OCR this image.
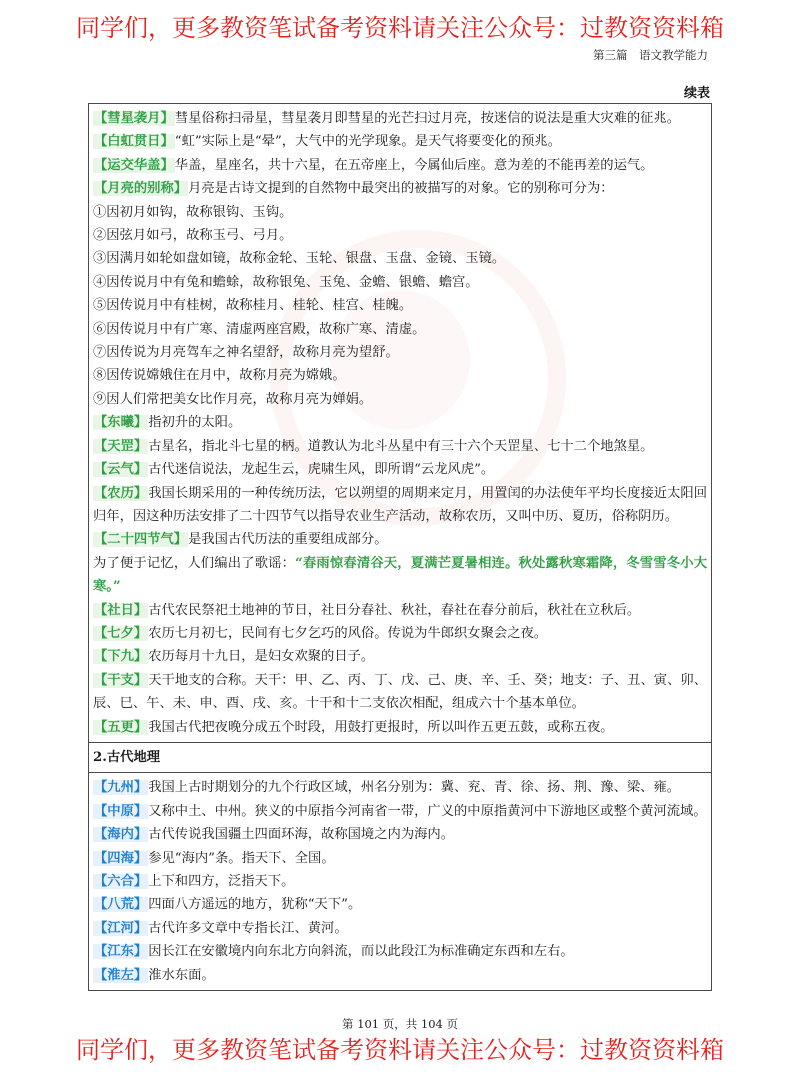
同学们，更多教资笔试备考资料请关注公众号：过教资资料箱
第三篇　语文教学能力
续表

【彗星袭月】彗星俗称扫帚星，彗星袭月即彗星的光芒扫过月亮，按迷信的说法是重大灾难的征兆。

【白虹贯日】“虹”实际上是“晕”，大气中的光学现象。是天气将要变化的预兆。

【运交华盖】华盖，星座名，共十六星，在五帝座上，今属仙后座。意为差的不能再差的运气。

【月亮的别称】月亮是古诗文提到的自然物中最突出的被描写的对象。它的别称可分为：

①因初月如钩，故称银钩、玉钩。

②因弦月如弓，故称玉弓、弓月。

③因满月如轮如盘如镜，故称金轮、玉轮、银盘、玉盘、金镜、玉镜。

④因传说月中有兔和蟾蜍，故称银兔、玉兔、金蟾、银蟾、蟾宫。

⑤因传说月中有桂树，故称桂月、桂轮、桂宫、桂魄。

⑥因传说月中有广寒、清虚两座宫殿，故称广寒、清虚。

⑦因传说为月亮驾车之神名望舒，故称月亮为望舒。

⑧因传说嫦娥住在月中，故称月亮为嫦娥。

⑨因人们常把美女比作月亮，故称月亮为婵娟。

【东曦】指初升的太阳。

【天罡】古星名，指北斗七星的柄。道教认为北斗丛星中有三十六个天罡星、七十二个地煞星。

【云气】古代迷信说法，龙起生云，虎啸生风，即所谓“云龙风虎”。

【农历】我国长期采用的一种传统历法，它以朔望的周期来定月，用置闰的办法使年平均长度接近太阳回归年，因这种历法安排了二十四节气以指导农业生产活动，故称农历，又叫中历、夏历，俗称阴历。

【二十四节气】是我国古代历法的重要组成部分。

为了便于记忆，人们编出了歌谣：“春雨惊春清谷天，夏满芒夏暑相连。秋处露秋寒霜降，冬雪雪冬小大寒。”

【社日】古代农民祭祀土地神的节日，社日分春社、秋社，春社在春分前后，秋社在立秋后。

【七夕】农历七月初七，民间有七夕乞巧的风俗。传说为牛郎织女聚会之夜。

【下九】农历每月十九日，是妇女欢聚的日子。

【干支】天干地支的合称。天干：甲、乙、丙、丁、戊、己、庚、辛、壬、癸；地支：子、丑、寅、卯、辰、巳、午、未、申、酉、戌、亥。十干和十二支依次相配，组成六十个基本单位。

【五更】我国古代把夜晚分成五个时段，用鼓打更报时，所以叫作五更五鼓，或称五夜。

2.古代地理

【九州】我国上古时期划分的九个行政区域，州名分别为：冀、兖、青、徐、扬、荆、豫、梁、雍。

【中原】又称中土、中州。狭义的中原指今河南省一带，广义的中原指黄河中下游地区或整个黄河流域。

【海内】古代传说我国疆土四面环海，故称国境之内为海内。

【四海】参见“海内”条。指天下、全国。

【六合】上下和四方，泛指天下。

【八荒】四面八方遥远的地方，犹称“天下”。

【江河】古代许多文章中专指长江、黄河。

【江东】因长江在安徽境内向东北方向斜流，而以此段江为标准确定东西和左右。

【淮左】淮水东面。

第 101 页，共 104 页
同学们，更多教资笔试备考资料请关注公众号：过教资资料箱
